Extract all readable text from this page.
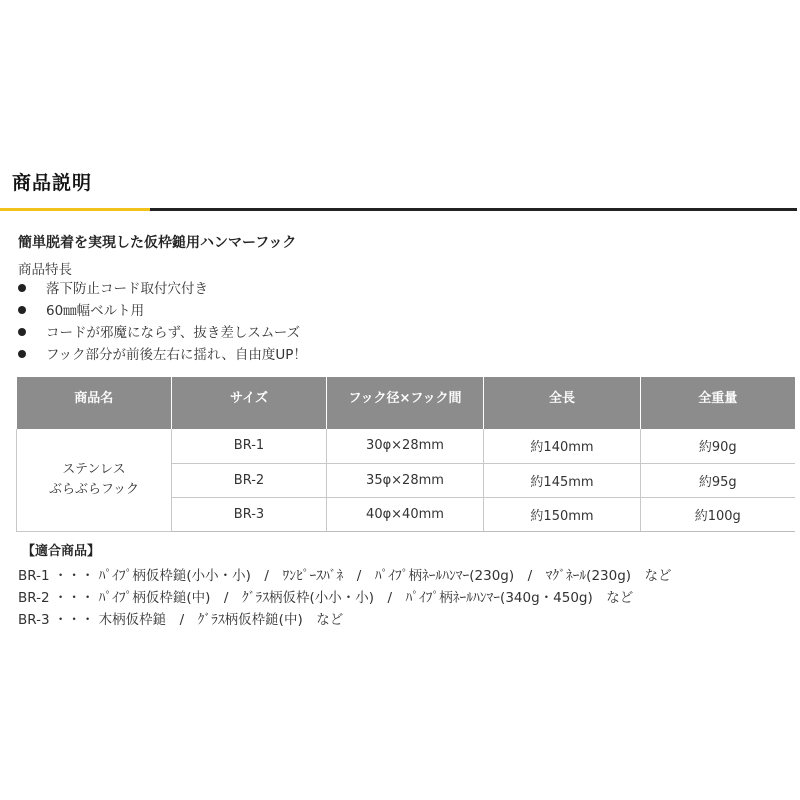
商品説明
簡単脱着を実現した仮枠鎚用ハンマーフック
商品特長
落下防止コード取付穴付き
60㎜幅ベルト用
コードが邪魔にならず、抜き差しスムーズ
フック部分が前後左右に揺れ、自由度UP！
商品名	サイズ	フック径×フック間	全長	全重量
ステンレス
ぶらぶらフック	BR-1	30φ×28mm	約140mm	約90g
	BR-2	35φ×28mm	約145mm	約95g
	BR-3	40φ×40mm	約150mm	約100g
【適合商品】
BR-1 ・・・ ﾊﾟｲﾌﾟ柄仮枠鎚(小小・小)　/　ﾜﾝﾋﾟｰｽﾊﾞﾈ　/　ﾊﾟｲﾌﾟ柄ﾈｰﾙﾊﾝﾏｰ(230g)　/　ﾏｸﾞﾈｰﾙ(230g)　など
BR-2 ・・・ ﾊﾟｲﾌﾟ柄仮枠鎚(中)　/　ｸﾞﾗｽ柄仮枠(小小・小)　/　ﾊﾟｲﾌﾟ柄ﾈｰﾙﾊﾝﾏｰ(340g・450g)　など
BR-3 ・・・ 木柄仮枠鎚　/　ｸﾞﾗｽ柄仮枠鎚(中)　など
